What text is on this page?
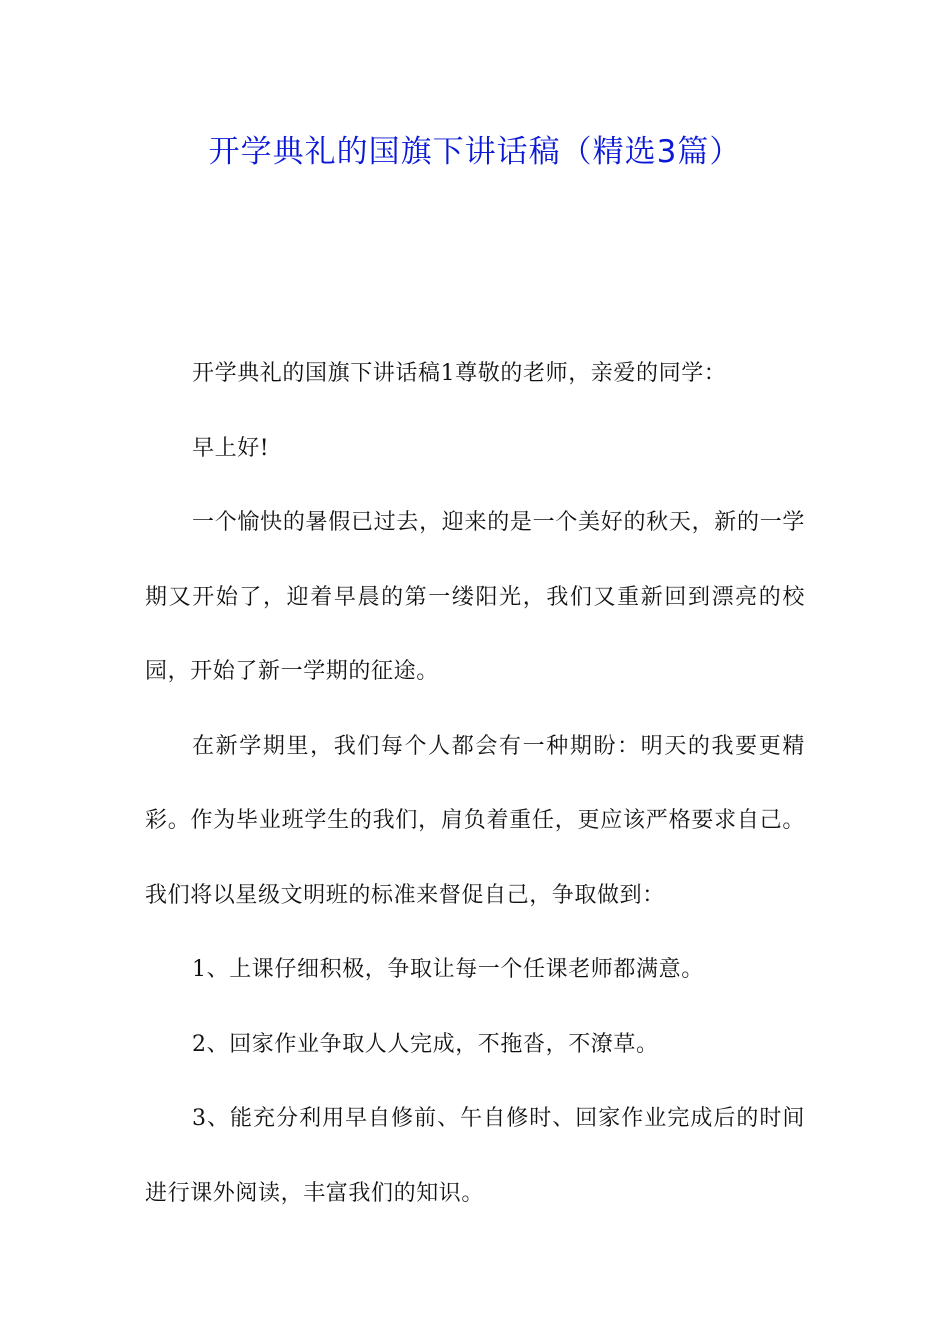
开学典礼的国旗下讲话稿（精选3篇）

开学典礼的国旗下讲话稿1尊敬的老师，亲爱的同学：

早上好!

一个愉快的暑假已过去，迎来的是一个美好的秋天，新的一学期又开始了，迎着早晨的第一缕阳光，我们又重新回到漂亮的校园，开始了新一学期的征途。

在新学期里，我们每个人都会有一种期盼：明天的我要更精彩。作为毕业班学生的我们，肩负着重任，更应该严格要求自己。我们将以星级文明班的标准来督促自己，争取做到：

1、上课仔细积极，争取让每一个任课老师都满意。

2、回家作业争取人人完成，不拖沓，不潦草。

3、能充分利用早自修前、午自修时、回家作业完成后的时间进行课外阅读，丰富我们的知识。
